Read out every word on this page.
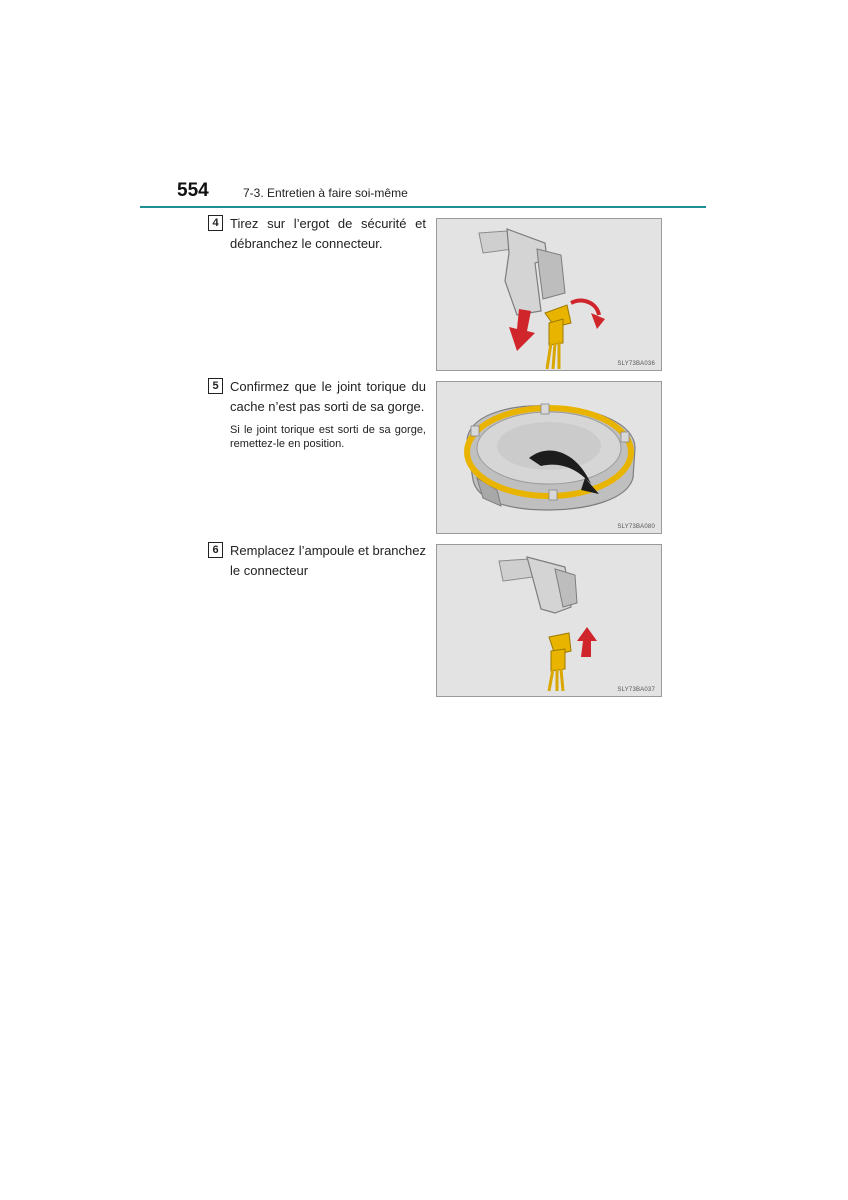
554	7-3. Entretien à faire soi-même
4 Tirez sur l’ergot de sécurité et débranchez le connecteur.
SLY73BA036
5 Confirmez que le joint torique du cache n’est pas sorti de sa gorge.
Si le joint torique est sorti de sa gorge, remettez-le en position.
SLY73BA080
6 Remplacez l’ampoule et branchez le connecteur
SLY73BA037
